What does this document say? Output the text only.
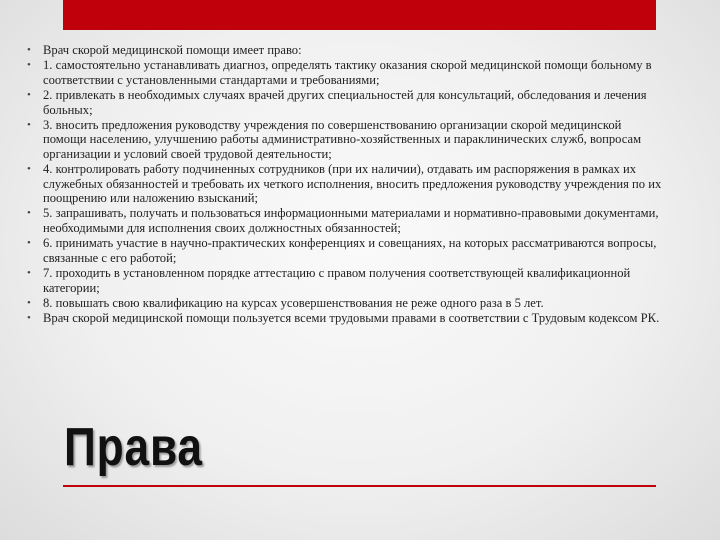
• Врач скорой медицинской помощи имеет право:
• 1. самостоятельно устанавливать диагноз, определять тактику оказания скорой медицинской помощи больному в соответствии с установленными стандартами и требованиями;
• 2. привлекать в необходимых случаях врачей других специальностей для консультаций, обследования и лечения больных;
• 3. вносить предложения руководству учреждения по совершенствованию организации скорой медицинской помощи населению, улучшению работы административно-хозяйственных и параклинических служб, вопросам организации и условий своей трудовой деятельности;
• 4. контролировать работу подчиненных сотрудников (при их наличии), отдавать им распоряжения в рамках их служебных обязанностей и требовать их четкого исполнения, вносить предложения руководству учреждения по их поощрению или наложению взысканий;
• 5. запрашивать, получать и пользоваться информационными материалами и нормативно-правовыми документами, необходимыми для исполнения своих должностных обязанностей;
• 6. принимать участие в научно-практических конференциях и совещаниях, на которых рассматриваются вопросы, связанные с его работой;
• 7. проходить в установленном порядке аттестацию с правом получения соответствующей квалификационной категории;
• 8. повышать свою квалификацию на курсах усовершенствования не реже одного раза в 5 лет.
• Врач скорой медицинской помощи пользуется всеми трудовыми правами в соответствии с Трудовым кодексом РК.
Права
